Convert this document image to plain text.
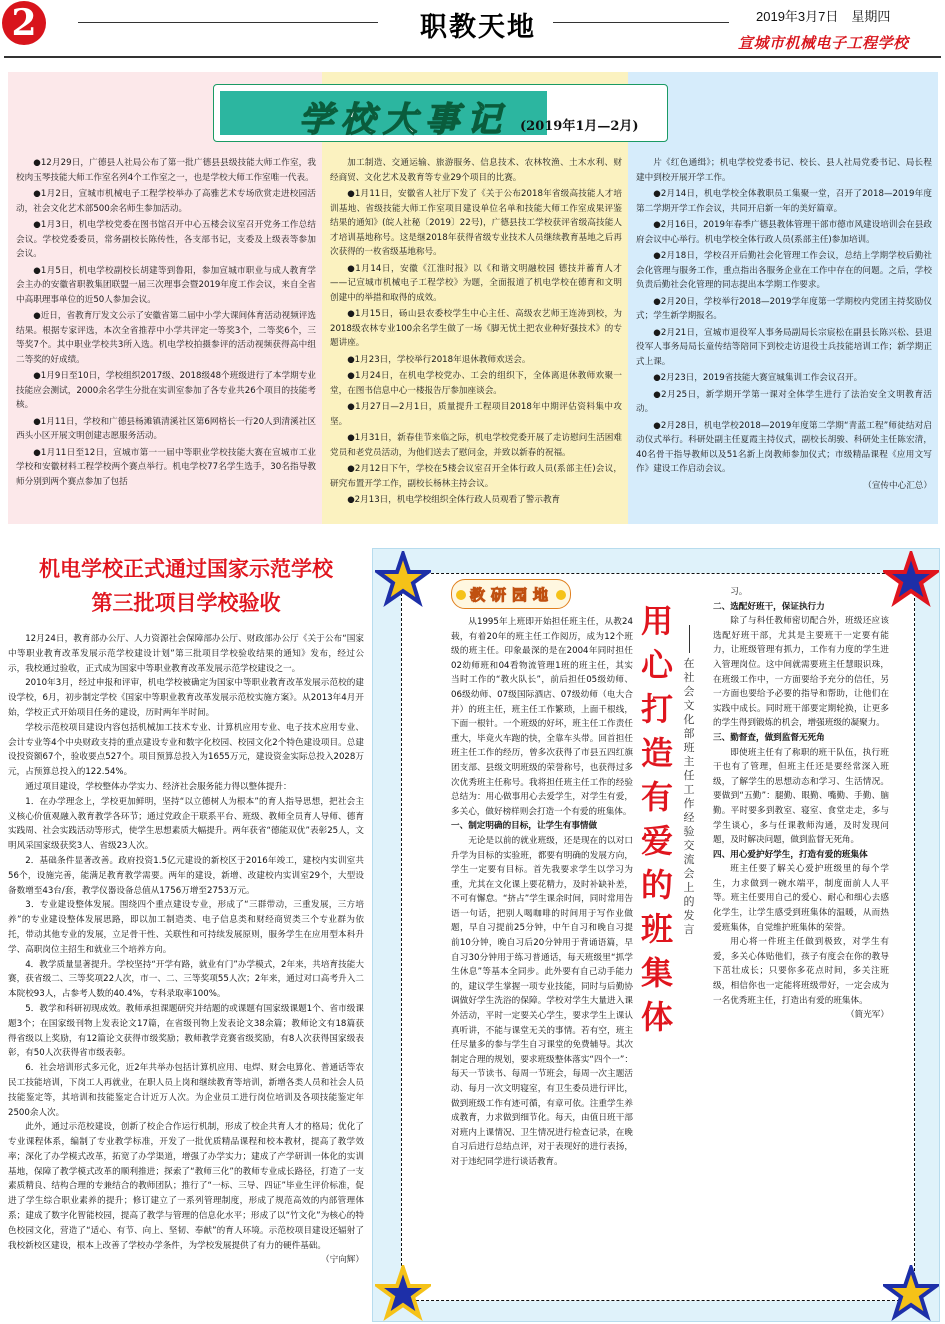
2	职教天地	2019年3月7日　星期四
宣城市机械电子工程学校
学校大事记 (2019年1月—2月)

●12月29日，广德县人社局公布了第一批广德县县级技能大师工作室，我校肉玉琴技能大师工作室名列4个工作室之一，也是学校大师工作室唯一代表。

●1月2日，宣城市机械电子工程学校举办了高雅艺术专场欣赏走进校园活动，社会文化艺术部500余名师生参加活动。

●1月3日，机电学校党委在图书馆召开中心五楼会议室召开党务工作总结会议。学校党委委员，常务副校长陈传性，各支部书记，支委及上级表等参加会议。

●1月5日，机电学校副校长胡建等到鲁阳，参加宣城市职业与成人教育学会主办的安徽省职教集团联盟一届三次理事会暨2019年度工作会议，来自全省中高职理事单位的近50人参加会议。

●近日，省教育厅发文公示了安徽省第二届中小学大课间体育活动视频评选结果。根据专家评选，本次全省推荐中小学共评定一等奖3个，二等奖6个，三等奖7个。其中职业学校共3所入选。机电学校拍摄参评的活动视频获得高中组二等奖的好成绩。

●1月9日至10日，学校组织2017级、2018级48个班级进行了本学期专业技能应会测试，2000余名学生分批在实训室参加了各专业共26个项目的技能考核。

●1月11日，学校和广德县杨滩镇清溪社区第6网格长一行20人到清溪社区西头小区开展文明创建志愿服务活动。

●1月11日至12日，宣城市第一一届中等职业学校技能大赛在宣城市工业学校和安徽材料工程学校两个赛点举行。机电学校77名学生选手，30名指导教师分别到两个赛点参加了包括

加工制造、交通运输、旅游服务、信息技术、农林牧渔、土木水利、财经商贸、文化艺术及教育等专业29个项目的比赛。

●1月11日，安徽省人社厅下发了《关于公布2018年省级高技能人才培训基地、省级技能大师工作室项目建设单位名单和技能大师工作室成果评鉴结果的通知》(皖人社秘〔2019〕22号)，广德县技工学校获评省级高技能人才培训基地称号。这是继2018年获得省级专业技术人员继续教育基地之后再次获得的一枚省级基地称号。

●1月14日，安徽《江淮时报》以《和谐文明融校园 德技并蓄育人才——记宣城市机械电子工程学校》为题，全面报道了机电学校在德育和文明创建中的举措和取得的成效。

●1月15日，砀山县农委校学生中心主任、高级农艺师王连涛到校，为2018级农林专业100余名学生做了一场《脚无忧土把农业种好强技术》的专题讲座。

●1月23日，学校举行2018年退休教师欢送会。

●1月24日，在机电学校党办、工会的组织下，全体离退休教师欢聚一堂，在图书信息中心一楼报告厅参加座谈会。

●1月27日—2月1日，质量提升工程项目2018年中期评估资料集中攻坚。

●1月31日，新春佳节来临之际，机电学校党委开展了走访慰问生活困难党员和老党员活动，为他们送去了慰问金，并致以新春的祝福。

●2月12日下午，学校在5楼会议室召开全体行政人员(系部主任)会议，研究布置开学工作，副校长杨林主持会议。

●2月13日，机电学校组织全体行政人员观看了警示教育

片《红色通缉》；机电学校党委书记、校长、县人社局党委书记、局长程建中到校开展开学工作。

●2月14日，机电学校全体教职员工集聚一堂，召开了2018—2019年度第二学期开学工作会议，共同开启新一年的美好篇章。

●2月16日，2019年春季广德县教体管理干部市德市风建设培训会在县政府会议中心举行。机电学校全体行政人员(系部主任)参加培训。

●2月18日，学校召开后勤社会化管理工作会议，总结上学期学校后勤社会化管理与服务工作，重点指出各服务企业在工作中存在的问题。之后，学校负责后勤社会化管理的同志提出本学期工作要求。

●2月20日，学校举行2018—2019学年度第一学期校内党团主持奖励仪式；学生新学期报名。

●2月21日，宣城市退役军人事务局副局长宗宸松在副县长陈兴松、县退役军人事务局局长童传结等陪同下到校走访退役士兵技能培训工作；新学期正式上课。

●2月23日，2019省技能大赛宣城集训工作会议召开。

●2月25日，新学期开学第一课对全体学生进行了法治安全文明教育活动。

●2月28日，机电学校2018—2019年度第二学期“青蓝工程”师徒结对启动仪式举行。科研处副主任夏霞主持仪式，副校长胡骏、科研处主任陈宏清，40名骨干指导教师以及51名新上岗教师参加仪式；市级精品课程《应用文写作》建设工作启动会议。

（宣传中心汇总）
机电学校正式通过国家示范学校
第三批项目学校验收

12月24日，教育部办公厅、人力资源社会保障部办公厅、财政部办公厅《关于公布“国家中等职业教育改革发展示范学校建设计划”第三批项目学校验收结果的通知》发布，经过公示，我校通过验收，正式成为国家中等职业教育改革发展示范学校建设之一。

2010年3月，经过申报和评审，机电学校被确定为国家中等职业教育改革发展示范校的建设学校，6月，初步制定学校《国家中等职业教育改革发展示范校实施方案》。从2013年4月开始，学校正式开始项目任务的建设，历时两年半时间。

学校示范校项目建设内容包括机械加工技术专业、计算机应用专业、电子技术应用专业、会计专业等4个中央财政支持的重点建设专业和数字化校园、校园文化2个特色建设项目。总建设投资额67个，验收要点527个。项目预算总投入为1655万元，建设资金实际总投入2028万元，占预算总投入的122.54%。

通过项目建设，学校整体办学实力、经济社会服务能力得以整体提升：

1．在办学理念上，学校更加鲜明，坚持“以立德树人为根本”的育人指导思想，把社会主义核心价值观融入教育教学各环节；通过党政企干联系平台、班级、教师全员育人导师、德育实践周、社会实践活动等形式，使学生思想素质大幅提升。两年获省“德能双优”表彰25人，文明风采国家级获奖3人、省级23人次。

2．基础条件显著改善。政府投资1.5亿元建设的新校区于2016年竣工，建校内实训室共56个，设施完善，能满足教育教学需要。两年的建设，新增、改建校内实训室29个，大型设备数增至43台/套，教学仪器设备总值从1756万增至2753万元。

3．专业建设整体发展。围绕四个重点建设专业，形成了“三群带动，三重发展，三方培养”的专业建设整体发展思路，即以加工制造类、电子信息类和财经商贸类三个专业群为依托，带动其他专业的发展，立足骨干性、关联性和可持续发展原则，服务学生在应用型本科升学、高职岗位主招生和就业三个培养方向。

4．教学质量显著提升。学校坚持“开学有路，就业有门”办学模式，2年来，共培育技能大赛，获省级二、三等奖项22人次，市一、二、三等奖项55人次；2年来，通过对口高考升入二本院校93人，占参考人数的40.4%，专科录取率100%。

5．教学和科研初现成效。教师承担课题研究并结题的或课题有国家级课题1个、省市级课题3个；在国家级刊物上发表论文17篇，在省级刊物上发表论文38余篇；教师论文有18篇获得省级以上奖励，有12篇论文获得市级奖励；教师教学竞赛省级奖励，有8人次获得国家级表彰，有50人次获得省市级表彰。

6．社会培训形式多元化，近2年共举办包括计算机应用、电焊、财会电算化、普通话等农民工技能培训，下岗工人再就业，在职人员上岗和继续教育等培训，新增各类人员和社会人员技能鉴定等，其培训和技能鉴定合计近万人次。为企业员工进行岗位培训及各项技能鉴定年2500余人次。

此外，通过示范校建设，创新了校企合作运行机制，形成了校企共育人才的格局；优化了专业课程体系，编制了专业教学标准，开发了一批优质精品课程和校本教材，提高了教学效率；深化了办学模式改革，拓宽了办学渠道，增强了办学实力；建成了产学研训一体化的实训基地，保障了教学模式改革的顺利推进；探索了“教师三化”的教师专业成长路径，打造了一支素质精良、结构合理的专兼结合的教师团队；推行了“一标、三导、四证”毕业生评价标准，促进了学生综合职业素养的提升；修订建立了一系列管理制度，形成了规范高效的内部管理体系；建成了数字化智能校园，提高了教学与管理的信息化水平；形成了以“竹文化”为核心的特色校园文化，营造了“适心、有节、向上、坚韧、奉献”的育人环境。示范校项目建设还辐射了我校新校区建设，根本上改善了学校办学条件，为学校发展提供了有力的硬件基础。

（宁向辉）
教研园地

从1995年上班即开始担任班主任，从教24载，有着20年的班主任工作阅历，成为12个班级的班主任。印象最深的是在2004年同时担任02幼师班和04看物流管理1班的班主任，其实当时工作的“教火队长”，前后担任05级幼师、06级幼师、07级国际酒店、07级幼师（电大合并）的班主任，班主任工作繁琐，上面千根线，下面一根针。一个班级的好坏，班主任工作责任重大，毕竟火车跑的快，全靠车头带。回首担任班主任工作的经历，曾多次获得了市县五四红旗团支部、县级文明班级的荣誉称号，也获得过多次优秀班主任称号。我将担任班主任工作的经验总结为：用心做事用心去爱学生，对学生有爱，多关心，做好榜样则会打造一个有爱的班集体。

一、制定明确的目标，让学生有事情做

无论是以前的就业班级，还是现在的以对口升学为目标的实验班，都要有明确的发展方向，学生一定要有目标。首先我要求学生以学习为重，尤其在文化课上要花精力，及时补缺补差，不可有懈怠。“挤占”学生课余时间，同时常用告语一句话，把别人喝咖啡的时间用于写作业做题，早自习提前25分钟，中午自习和晚自习提前10分钟，晚自习后20分钟用于背诵语篇，早自习30分钟用于练习普通话，每天班级里“抓学生休息”等基本全同步。此外要有自己动手能力的，建议学生掌握一项专业技能，同时与后勤协调做好学生洗浴的保障。学校对学生大量进入课外活动，平时一定要关心学生，要求学生上课认真听讲，不能与课堂无关的事情。若有空，班主任尽量多的参与学生自习课堂的免费辅导。其次制定合理的规划，要求班级整体落实“四个一”：每天一节读书、每周一节班会，每周一次主题活动、每月一次文明寝室，有卫生委员进行评比，做到班级工作有迹可循，有章可依。注重学生养成教育，力求做到细节化。每天，由值日班干部对班内上课情况、卫生情况进行检查记录，在晚自习后进行总结点评，对于表现好的进行表扬，对于违纪同学进行谈话教育。

用心打造有爱的班集体
在社会文化部班主任工作经验交流会上的发言

习。

二、选配好班干，保证执行力

除了与科任教师密切配合外，班级还应该选配好班干部，尤其是主要班干一定要有能力，让班级管理有抓力，工作有力度的学生进入管理岗位。这中间就需要班主任慧眼识珠，在班级工作中，一方面要给予充分的信任，另一方面也要给予必要的指导和帮助，让他们在实践中成长。同时班干部要定期轮换，让更多的学生得到锻炼的机会，增强班级的凝聚力。

三、勤督查，做到监督无死角

即使班主任有了称职的班干队伍，执行班干也有了管理，但班主任还是要经常深入班级，了解学生的思想动态和学习、生活情况。要做到“五勤”：腿勤、眼勤、嘴勤、手勤、脑勤。平时要多到教室、寝室、食堂走走，多与学生谈心，多与任课教师沟通，及时发现问题，及时解决问题，做到监督无死角。

四、用心爱护好学生，打造有爱的班集体

班主任要了解关心爱护班级里的每个学生，力求做到一碗水端平，制度面前人人平等。班主任要用自己的爱心、耐心和细心去感化学生，让学生感受到班集体的温暖，从而热爱班集体，自觉维护班集体的荣誉。

用心将一件班主任做到极致，对学生有爱，多关心体贴他们，孩子有度会在你的教导下茁壮成长；只要你多花点时间，多关注班级，相信你也一定能将班级带好，一定会成为一名优秀班主任，打造出有爱的班集体。

（简光军）
